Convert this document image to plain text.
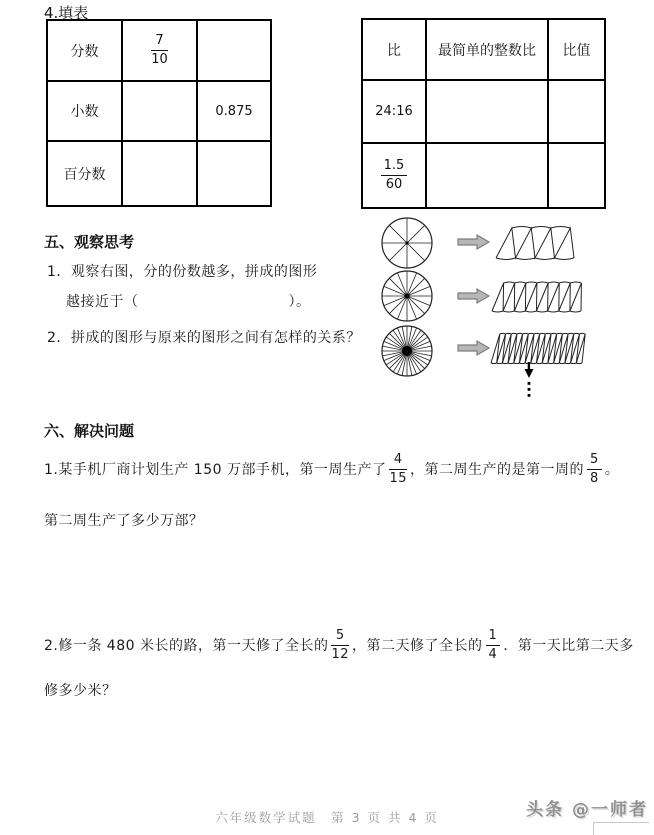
4.填表
分数	$\frac{7}{10}$

小数		0.875
百分数		
比	最简单的整数比	比值
24:16		

$\frac{1.5}{60}$

五、观察思考
1．观察右图，分的份数越多，拼成的图形
越接近于（	）。
2．拼成的图形与原来的图形之间有怎样的关系？
六、解决问题
1.某手机厂商计划生产 150 万部手机，第一周生产了 $\frac{4}{15}$ ，第二周生产的是第一周的 $\frac{5}{8}$ 。
第二周生产了多少万部？
2.修一条 480 米长的路，第一天修了全长的 $\frac{5}{12}$ ，第二天修了全长的 $\frac{1}{4}$ ．第一天比第二天多
修多少米？
六年级数学试题　第 3 页 共 4 页	头条 @一师者
